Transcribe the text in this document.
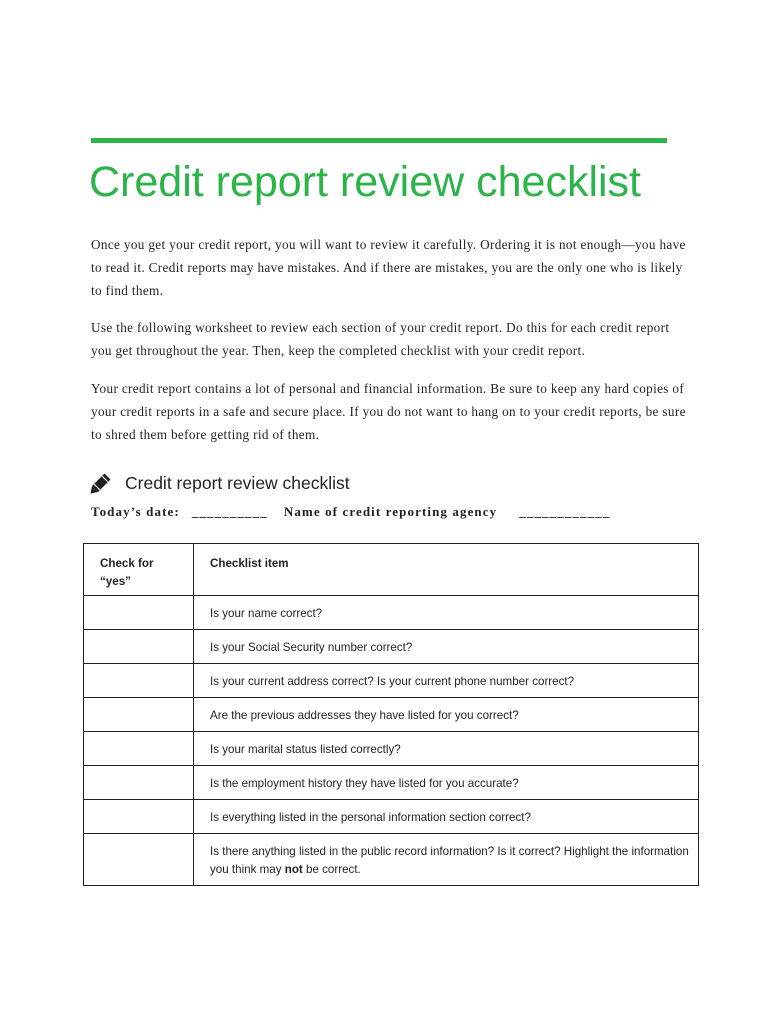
Credit report review checklist

Once you get your credit report, you will want to review it carefully. Ordering it is not enough—you have to read it. Credit reports may have mistakes. And if there are mistakes, you are the only one who is likely to find them.

Use the following worksheet to review each section of your credit report. Do this for each credit report you get throughout the year. Then, keep the completed checklist with your credit report.

Your credit report contains a lot of personal and financial information. Be sure to keep any hard copies of your credit reports in a safe and secure place. If you do not want to hang on to your credit reports, be sure to shred them before getting rid of them.

Credit report review checklist
Today’s date: __________ Name of credit reporting agency ____________
Check for “yes”	Checklist item
	Is your name correct?
	Is your Social Security number correct?
	Is your current address correct? Is your current phone number correct?
	Are the previous addresses they have listed for you correct?
	Is your marital status listed correctly?
	Is the employment history they have listed for you accurate?
	Is everything listed in the personal information section correct?
	Is there anything listed in the public record information? Is it correct? Highlight the information you think may not be correct.
